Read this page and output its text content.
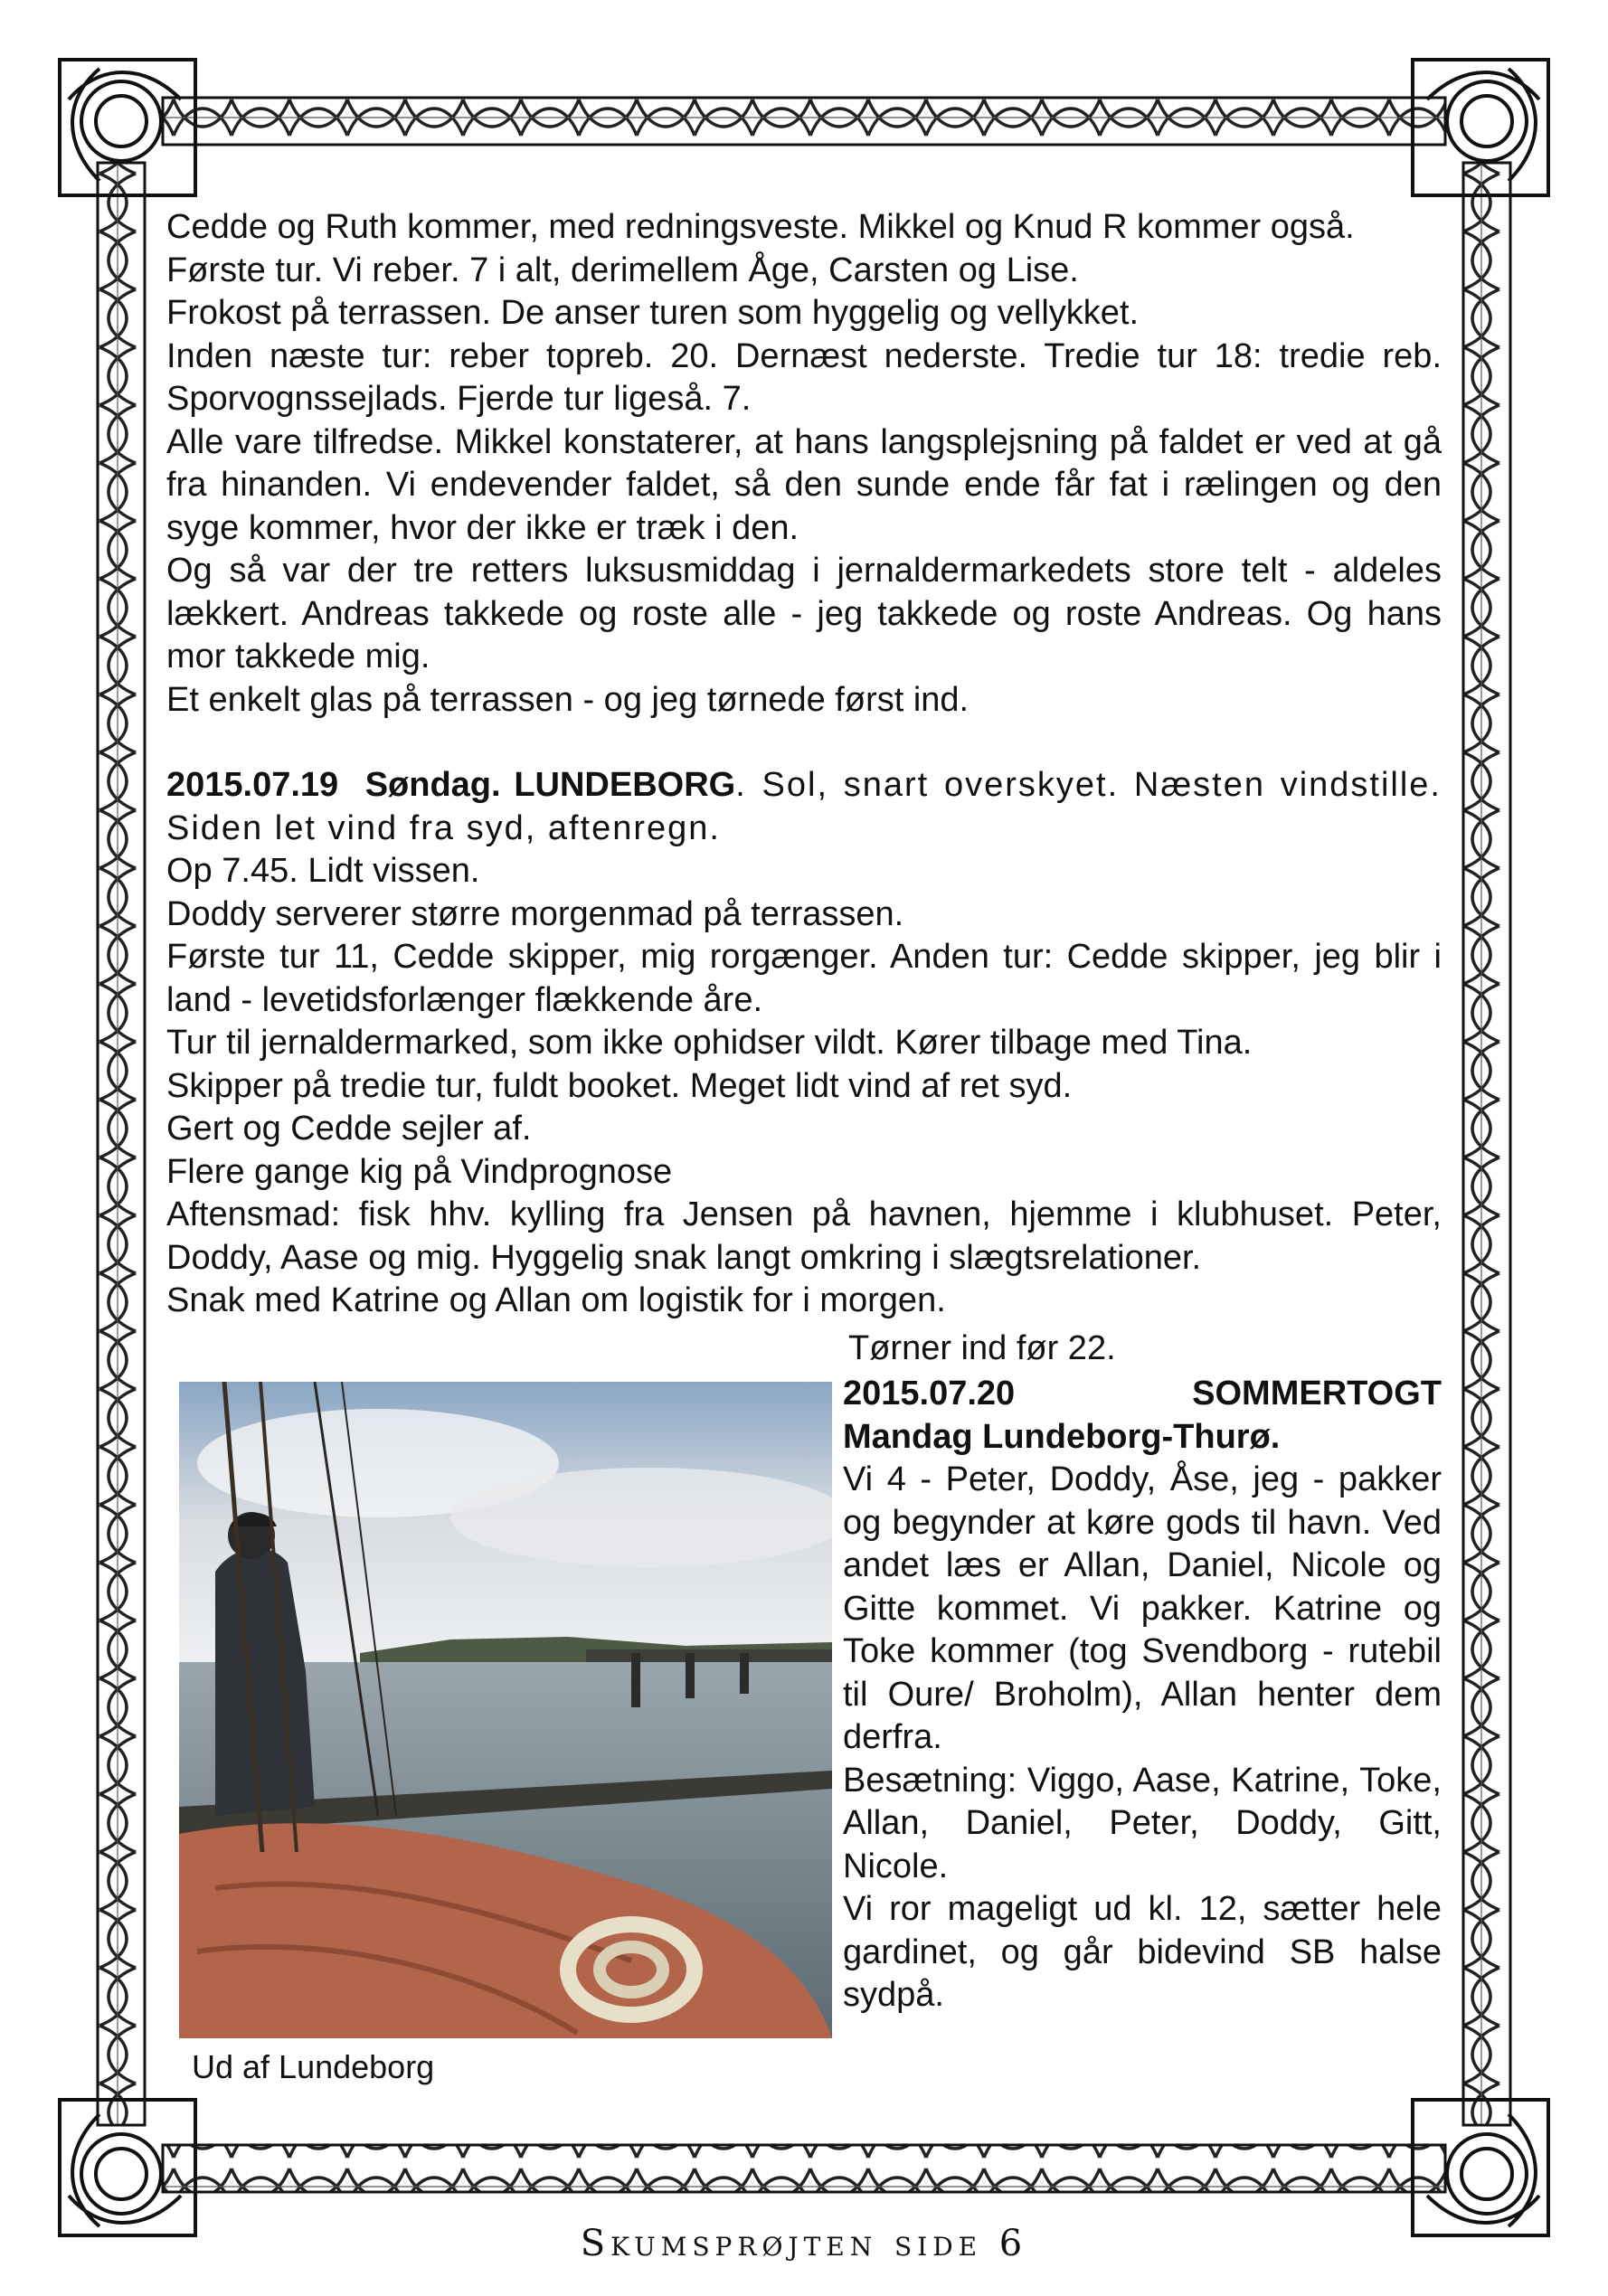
Cedde og Ruth kommer, med redningsveste. Mikkel og Knud R kommer også.

Første tur. Vi reber. 7 i alt, derimellem Åge, Carsten og Lise.

Frokost på terrassen. De anser turen som hyggelig og vellykket.

Inden næste tur: reber topreb. 20. Dernæst nederste. Tredie tur 18: tredie reb. Sporvognssejlads. Fjerde tur ligeså. 7.

Alle vare tilfredse. Mikkel konstaterer, at hans langsplejsning på faldet er ved at gå fra hinanden. Vi endevender faldet, så den sunde ende får fat i rælingen og den syge kommer, hvor der ikke er træk i den.

Og så var der tre retters luksusmiddag i jernaldermarkedets store telt - aldeles lækkert. Andreas takkede og roste alle - jeg takkede og roste Andreas. Og hans mor takkede mig.

Et enkelt glas på terrassen - og jeg tørnede først ind.

2015.07.19 Søndag. LUNDEBORG. Sol, snart overskyet. Næsten vindstille. Siden let vind fra syd, aftenregn.

Op 7.45. Lidt vissen.

Doddy serverer større morgenmad på terrassen.

Første tur 11, Cedde skipper, mig rorgænger. Anden tur: Cedde skipper, jeg blir i land - levetidsforlænger flækkende åre.

Tur til jernaldermarked, som ikke ophidser vildt. Kører tilbage med Tina.

Skipper på tredie tur, fuldt booket. Meget lidt vind af ret syd.

Gert og Cedde sejler af.

Flere gange kig på Vindprognose

Aftensmad: fisk hhv. kylling fra Jensen på havnen, hjemme i klubhuset. Peter, Doddy, Aase og mig. Hyggelig snak langt omkring i slægtsrelationer.

Snak med Katrine og Allan om logistik for i morgen.

Tørner ind før 22.
Ud af Lundeborg
2015.07.20	SOMMERTOGT

Mandag Lundeborg-Thurø.

Vi 4 - Peter, Doddy, Åse, jeg - pakker og begynder at køre gods til havn. Ved andet læs er Allan, Daniel, Nicole og Gitte kommet. Vi pakker. Katrine og Toke kommer (tog Svendborg - rutebil til Oure/ Broholm), Allan henter dem derfra.

Besætning: Viggo, Aase, Katrine, Toke, Allan, Daniel, Peter, Doddy, Gitt, Nicole.

Vi ror mageligt ud kl. 12, sætter hele gardinet, og går bidevind SB halse sydpå.

Skumsprøjten side 6
